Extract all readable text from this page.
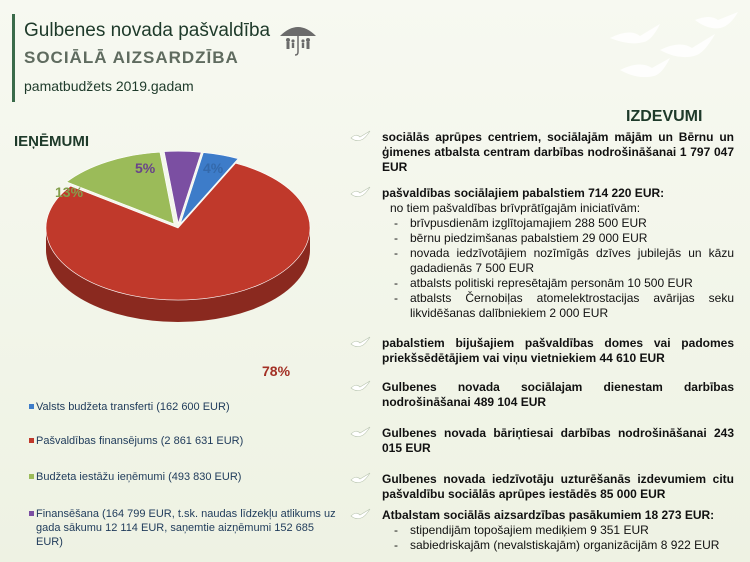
Gulbenes novada pašvaldība
SOCIĀLĀ AIZSARDZĪBA
pamatbudžets 2019.gadam
IEŅĒMUMI
IZDEVUMI
4%
78%
13%
5%
Valsts budžeta transferti (162 600 EUR)
Pašvaldības finansējums (2 861 631 EUR)
Budžeta iestāžu ieņēmumi (493 830 EUR)
Finansēšana (164 799 EUR, t.sk. naudas līdzekļu atlikums uz gada sākumu 12 114 EUR, saņemtie aizņēmumi 152 685 EUR)
sociālās aprūpes centriem, sociālajām mājām un Bērnu un ģimenes atbalsta centram darbības nodrošināšanai 1 797 047 EUR
pašvaldības sociālajiem pabalstiem 714 220 EUR:
no tiem pašvaldības brīvprātīgajām iniciatīvām:
- brīvpusdienām izglītojamajiem 288 500 EUR
- bērnu piedzimšanas pabalstiem 29 000 EUR
- novada iedzīvotājiem nozīmīgās dzīves jubilejās un kāzu gadadienās 7 500 EUR
- atbalsts politiski represētajām personām 10 500 EUR
- atbalsts Černobiļas atomelektrostacijas avārijas seku likvidēšanas dalībniekiem 2 000 EUR
pabalstiem bijušajiem pašvaldības domes vai padomes priekšsēdētājiem vai viņu vietniekiem 44 610 EUR
Gulbenes novada sociālajam dienestam darbības nodrošināšanai 489 104 EUR
Gulbenes novada bāriņtiesai darbības nodrošināšanai 243 015 EUR
Gulbenes novada iedzīvotāju uzturēšanās izdevumiem citu pašvaldību sociālās aprūpes iestādēs 85 000 EUR
Atbalstam sociālās aizsardzības pasākumiem 18 273 EUR:
- stipendijām topošajiem mediķiem 9 351 EUR
- sabiedriskajām (nevalstiskajām) organizācijām 8 922 EUR
